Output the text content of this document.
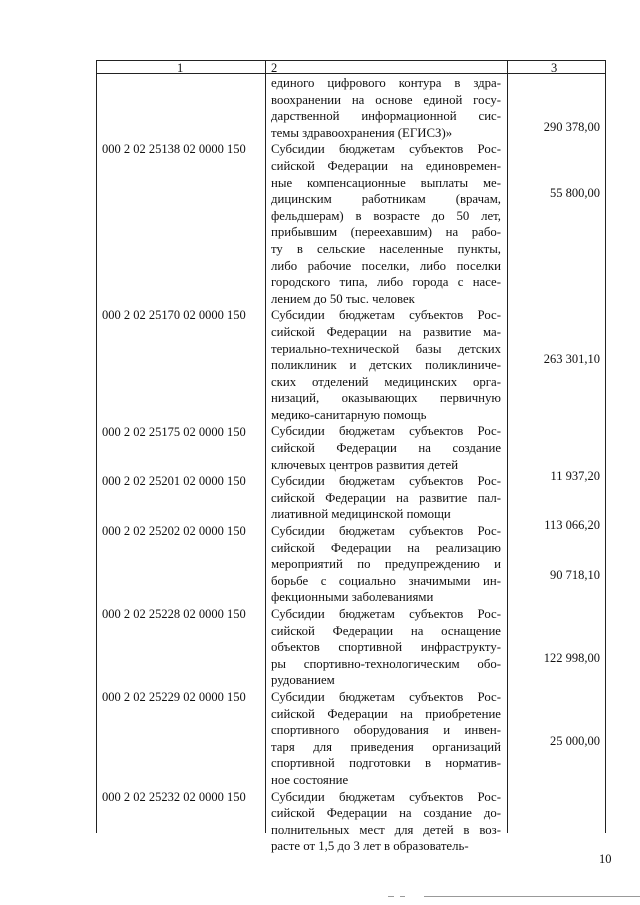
1	2	3
000 2 02 25138 02 0000 150
000 2 02 25170 02 0000 150
000 2 02 25175 02 0000 150
000 2 02 25201 02 0000 150
000 2 02 25202 02 0000 150
000 2 02 25228 02 0000 150
000 2 02 25229 02 0000 150
000 2 02 25232 02 0000 150
290 378,00
55 800,00
263 301,10
11 937,20
113 066,20
90 718,10
122 998,00
25 000,00
единого цифрового контура в здра-
воохранении на основе единой госу-
дарственной информационной сис-
темы здравоохранения (ЕГИСЗ)»
Субсидии бюджетам субъектов Рос-
сийской Федерации на единовремен-
ные компенсационные выплаты ме-
дицинским работникам (врачам,
фельдшерам) в возрасте до 50 лет,
прибывшим (переехавшим) на рабо-
ту в сельские населенные пункты,
либо рабочие поселки, либо поселки
городского типа, либо города с насе-
лением до 50 тыс. человек
Субсидии бюджетам субъектов Рос-
сийской Федерации на развитие ма-
териально-технической базы детских
поликлиник и детских поликлиниче-
ских отделений медицинских орга-
низаций, оказывающих первичную
медико-санитарную помощь
Субсидии бюджетам субъектов Рос-
сийской Федерации на создание
ключевых центров развития детей
Субсидии бюджетам субъектов Рос-
сийской Федерации на развитие пал-
лиативной медицинской помощи
Субсидии бюджетам субъектов Рос-
сийской Федерации на реализацию
мероприятий по предупреждению и
борьбе с социально значимыми ин-
фекционными заболеваниями
Субсидии бюджетам субъектов Рос-
сийской Федерации на оснащение
объектов спортивной инфраструкту-
ры спортивно-технологическим обо-
рудованием
Субсидии бюджетам субъектов Рос-
сийской Федерации на приобретение
спортивного оборудования и инвен-
таря для приведения организаций
спортивной подготовки в норматив-
ное состояние
Субсидии бюджетам субъектов Рос-
сийской Федерации на создание до-
полнительных мест для детей в воз-
расте от 1,5 до 3 лет в образователь-
10
